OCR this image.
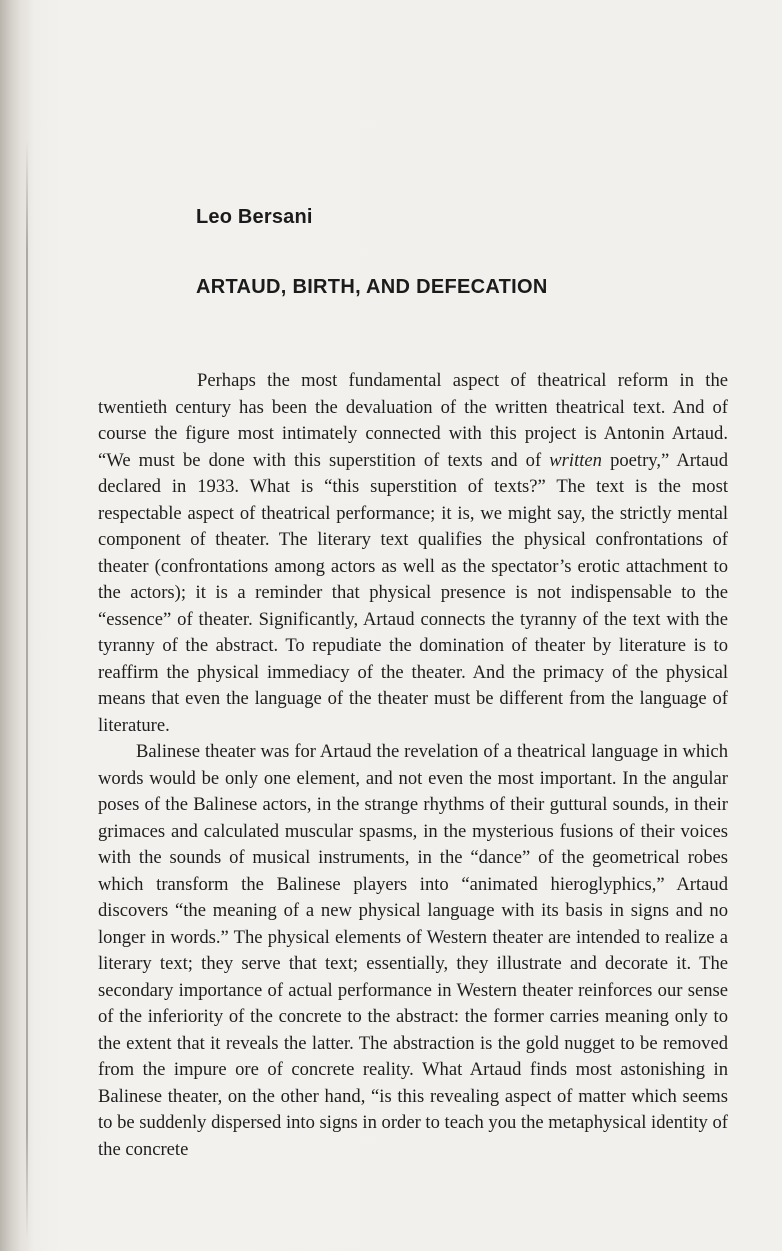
Leo Bersani
ARTAUD, BIRTH, AND DEFECATION

Perhaps the most fundamental aspect of theatrical reform in the twentieth century has been the devaluation of the written theatrical text. And of course the figure most intimately connected with this project is Antonin Artaud. “We must be done with this superstition of texts and of written poetry,” Artaud declared in 1933. What is “this superstition of texts?” The text is the most respectable aspect of theatrical performance; it is, we might say, the strictly mental component of theater. The literary text qualifies the physical confrontations of theater (confrontations among actors as well as the spectator’s erotic attachment to the actors); it is a reminder that physical presence is not indispensable to the “essence” of theater. Significantly, Artaud connects the tyranny of the text with the tyranny of the abstract. To repudiate the domination of theater by literature is to reaffirm the physical immediacy of the theater. And the primacy of the physical means that even the language of the theater must be different from the language of literature.

Balinese theater was for Artaud the revelation of a theatrical language in which words would be only one element, and not even the most important. In the angular poses of the Balinese actors, in the strange rhythms of their guttural sounds, in their grimaces and calculated muscular spasms, in the mysterious fusions of their voices with the sounds of musical instruments, in the “dance” of the geometrical robes which transform the Balinese players into “animated hieroglyphics,” Artaud discovers “the meaning of a new physical language with its basis in signs and no longer in words.” The physical elements of Western theater are intended to realize a literary text; they serve that text; essentially, they illustrate and decorate it. The secondary importance of actual performance in Western theater reinforces our sense of the inferiority of the concrete to the abstract: the former carries meaning only to the extent that it reveals the latter. The abstraction is the gold nugget to be removed from the impure ore of concrete reality. What Artaud finds most astonishing in Balinese theater, on the other hand, “is this revealing aspect of matter which seems to be suddenly dispersed into signs in order to teach you the metaphysical identity of the concrete
